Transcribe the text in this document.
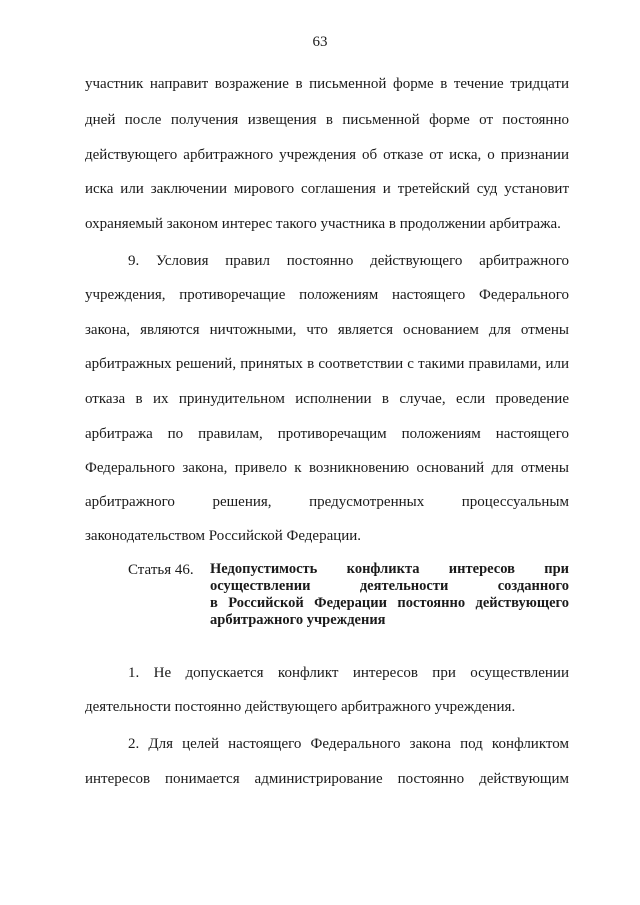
63
участник направит возражение в письменной форме в течение тридцати
дней после получения извещения в письменной форме от постоянно
действующего арбитражного учреждения об отказе от иска, о признании
иска или заключении мирового соглашения и третейский суд установит
охраняемый законом интерес такого участника в продолжении арбитража.
9. Условия правил постоянно действующего арбитражного
учреждения, противоречащие положениям настоящего Федерального
закона, являются ничтожными, что является основанием для отмены
арбитражных решений, принятых в соответствии с такими правилами, или
отказа в их принудительном исполнении в случае, если проведение
арбитража по правилам, противоречащим положениям настоящего
Федерального закона, привело к возникновению оснований для отмены
арбитражного решения, предусмотренных процессуальным
законодательством Российской Федерации.
Статья 46. Недопустимость конфликта интересов при
осуществлении деятельности созданного
в Российской Федерации постоянно действующего
арбитражного учреждения
1. Не допускается конфликт интересов при осуществлении
деятельности постоянно действующего арбитражного учреждения.
2. Для целей настоящего Федерального закона под конфликтом
интересов понимается администрирование постоянно действующим
